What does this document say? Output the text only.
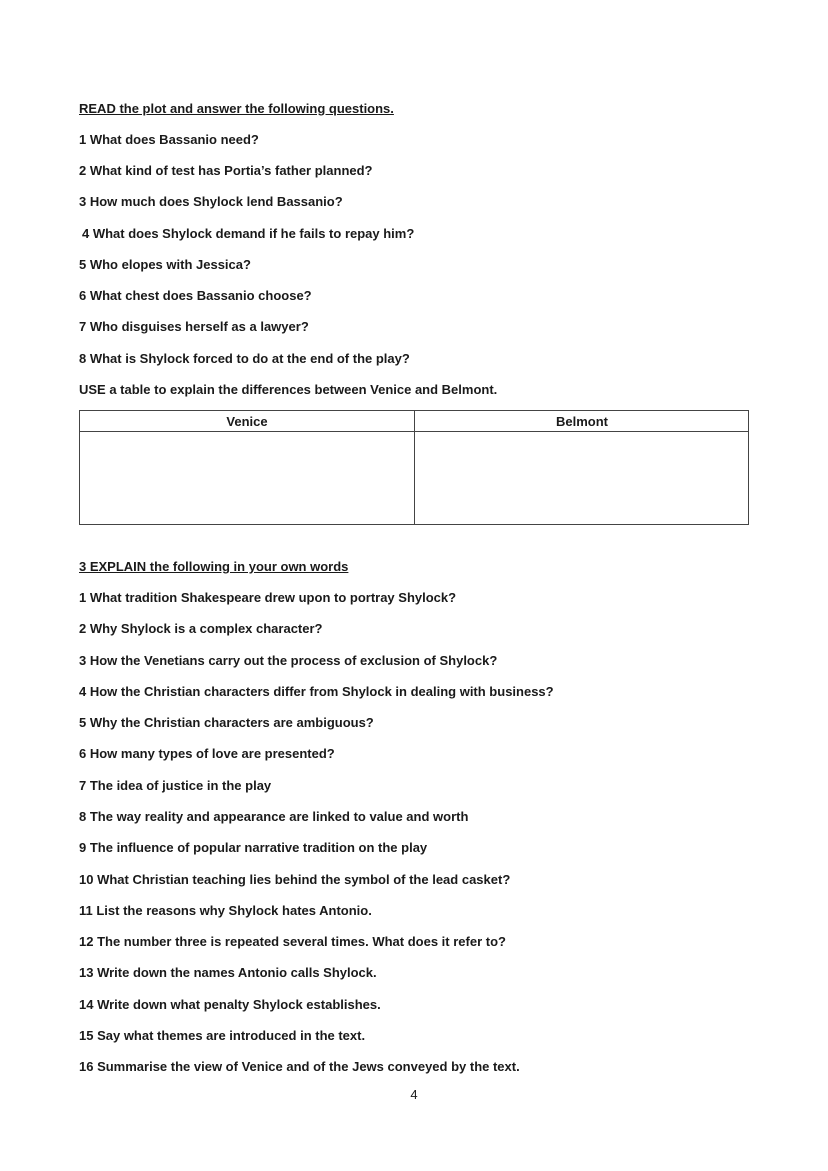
READ the plot and answer the following questions.
1 What does Bassanio need?
2 What kind of test has Portia’s father planned?
3 How much does Shylock lend Bassanio?
4 What does Shylock demand if he fails to repay him?
5 Who elopes with Jessica?
6 What chest does Bassanio choose?
7 Who disguises herself as a lawyer?
8 What is Shylock forced to do at the end of the play?
USE a table to explain the differences between Venice and Belmont.
Venice	Belmont
3 EXPLAIN the following in your own words
1 What tradition Shakespeare drew upon to portray Shylock?
2 Why Shylock is a complex character?
3 How the Venetians carry out the process of exclusion of Shylock?
4 How the Christian characters differ from Shylock in dealing with business?
5 Why the Christian characters are ambiguous?
6 How many types of love are presented?
7 The idea of justice in the play
8 The way reality and appearance are linked to value and worth
9 The influence of popular narrative tradition on the play
10 What Christian teaching lies behind the symbol of the lead casket?
11 List the reasons why Shylock hates Antonio.
12 The number three is repeated several times. What does it refer to?
13 Write down the names Antonio calls Shylock.
14 Write down what penalty Shylock establishes.
15 Say what themes are introduced in the text.
16 Summarise the view of Venice and of the Jews conveyed by the text.
4
